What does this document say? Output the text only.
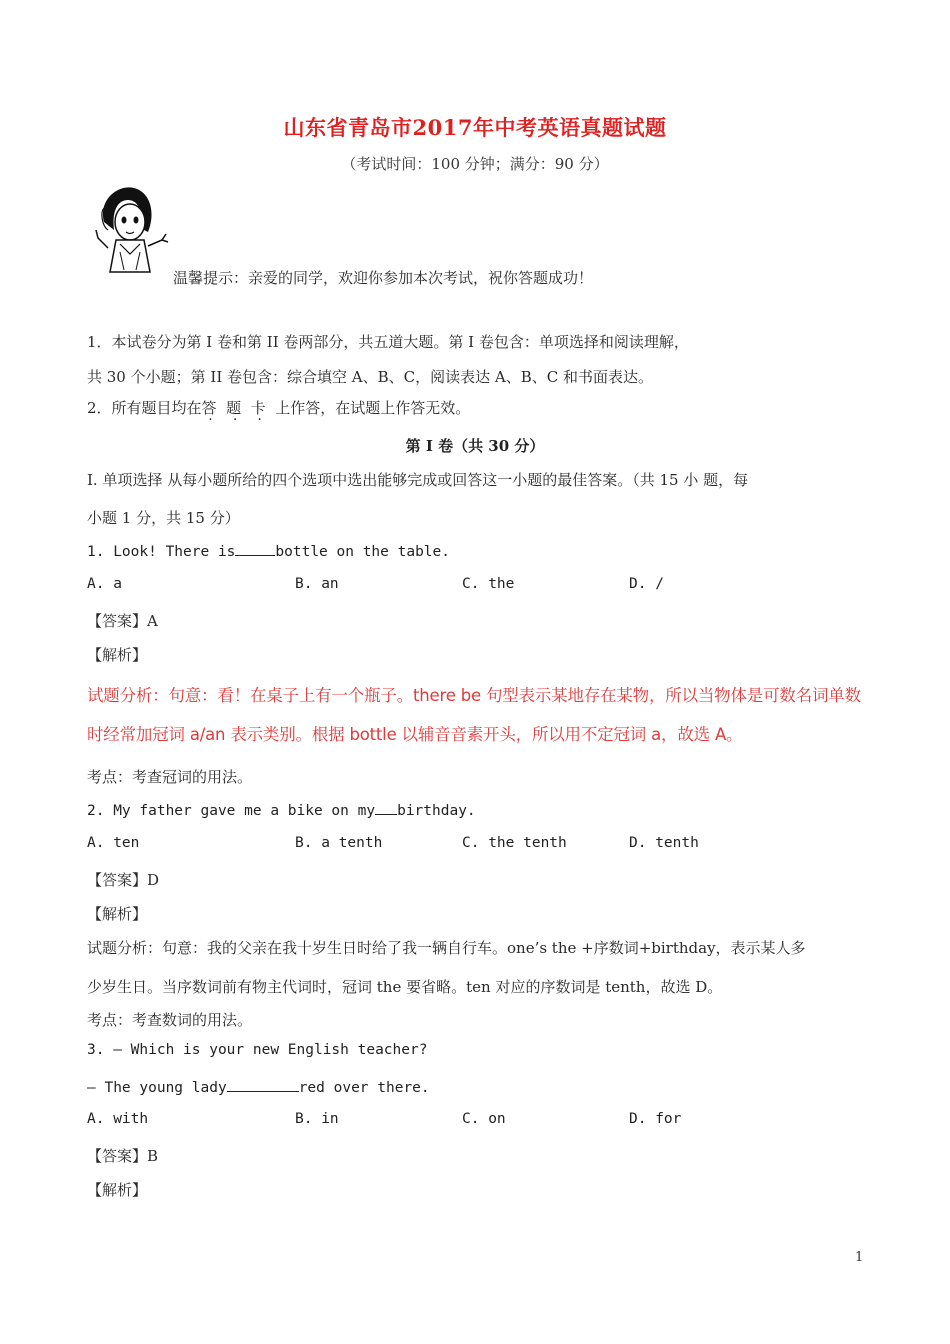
山东省青岛市2017年中考英语真题试题
（考试时间：100 分钟；满分：90 分）
温馨提示：亲爱的同学，欢迎你参加本次考试，祝你答题成功！
1．本试卷分为第 I 卷和第 II 卷两部分，共五道大题。第 I 卷包含：单项选择和阅读理解，
共 30 个小题；第 II 卷包含：综合填空 A、B、C，阅读表达 A、B、C 和书面表达。
2．所有题目均在答 题 卡 上作答，在试题上作答无效。
第 I 卷（共 30 分）
I. 单项选择 从每小题所给的四个选项中选出能够完成或回答这一小题的最佳答案。（共 15 小 题，每
小题 1 分，共 15 分）
1. Look! There is	bottle on the table.
A. a	B. an	C. the	D. /
【答案】A
【解析】
试题分析：句意：看！在桌子上有一个瓶子。there be 句型表示某地存在某物，所以当物体是可数名词单数
时经常加冠词 a/an 表示类别。根据 bottle 以辅音音素开头，所以用不定冠词 a，故选 A。
考点：考查冠词的用法。
2. My father gave me a bike on my birthday.
A. ten	B. a tenth	C. the tenth	D. tenth
【答案】D
【解析】
试题分析：句意：我的父亲在我十岁生日时给了我一辆自行车。one’s the +序数词+birthday，表示某人多
少岁生日。当序数词前有物主代词时，冠词 the 要省略。ten 对应的序数词是 tenth，故选 D。
考点：考查数词的用法。
3. — Which is your new English teacher?
— The young lady	red over there.
A. with	B. in	C. on	D. for
【答案】B
【解析】
1
